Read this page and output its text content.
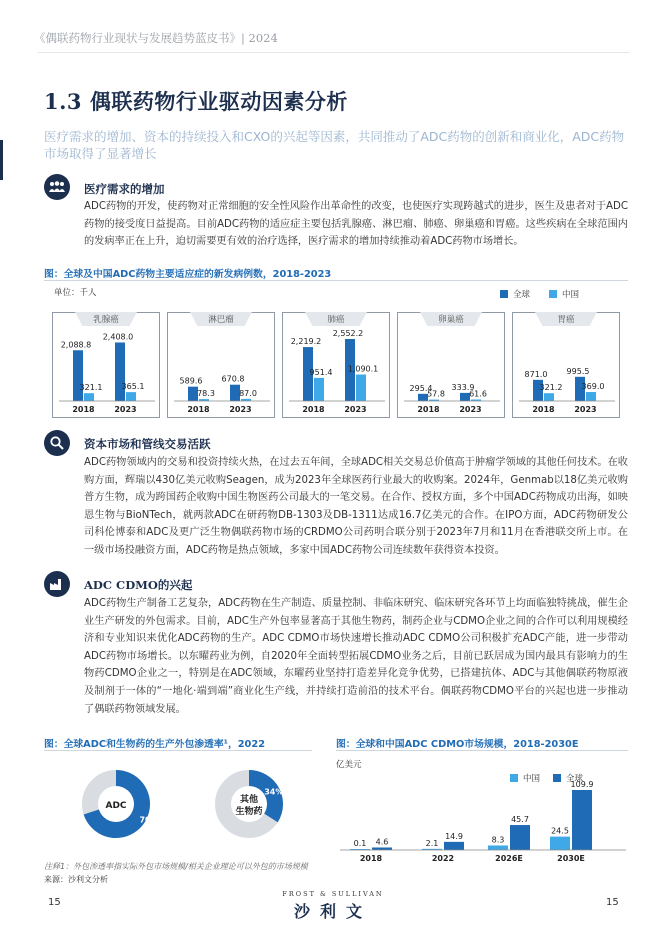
《偶联药物行业现状与发展趋势蓝皮书》| 2024
1.3 偶联药物行业驱动因素分析
医疗需求的增加、资本的持续投入和CXO的兴起等因素，共同推动了ADC药物的创新和商业化，ADC药物市场取得了显著增长
医疗需求的增加
ADC药物的开发，使药物对正常细胞的安全性风险作出革命性的改变，也使医疗实现跨越式的进步，医生及患者对于ADC药物的接受度日益提高。目前ADC药物的适应症主要包括乳腺癌、淋巴瘤、肺癌、卵巢癌和胃癌。这些疾病在全球范围内的发病率正在上升，迫切需要更有效的治疗选择，医疗需求的增加持续推动着ADC药物市场增长。
图：全球及中国ADC药物主要适应症的新发病例数，2018-2023
单位：千人	全球	中国
乳腺癌
2,088.8
321.1
2018
2,408.0
365.1
2023
淋巴瘤
589.6
78.3
2018
670.8
87.0
2023
肺癌
2,219.2
951.4
2018
2,552.2
1,090.1
2023
卵巢癌
295.4
57.8
2018
333.9
61.6
2023
胃癌
871.0
321.2
2018
995.5
369.0
2023
资本市场和管线交易活跃
ADC药物领域内的交易和投资持续火热，在过去五年间，全球ADC相关交易总价值高于肿瘤学领域的其他任何技术。在收购方面，辉瑞以430亿美元收购Seagen，成为2023年全球医药行业最大的收购案。2024年，Genmab以18亿美元收购普方生物，成为跨国药企收购中国生物医药公司最大的一笔交易。在合作、授权方面，多个中国ADC药物成功出海，如映恩生物与BioNTech，就两款ADC在研药物DB-1303及DB-1311达成16.7亿美元的合作。在IPO方面，ADC药物研发公司科伦博泰和ADC及更广泛生物偶联药物市场的CRDMO公司药明合联分别于2023年7月和11月在香港联交所上市。在一级市场投融资方面，ADC药物是热点领域，多家中国ADC药物公司连续数年获得资本投资。
ADC CDMO的兴起
ADC药物生产制备工艺复杂，ADC药物在生产制造、质量控制、非临床研究、临床研究各环节上均面临独特挑战，催生企业生产研发的外包需求。目前，ADC生产外包率显著高于其他生物药，制药企业与CDMO企业之间的合作可以利用规模经济和专业知识来优化ADC药物的生产。ADC CDMO市场快速增长推动ADC CDMO公司积极扩充ADC产能，进一步带动ADC药物市场增长。以东曜药业为例，自2020年全面转型拓展CDMO业务之后，目前已跃居成为国内最具有影响力的生物药CDMO企业之一，特别是在ADC领域，东曜药业坚持打造差异化竞争优势，已搭建抗体、ADC与其他偶联药物原液及制剂于一体的“一地化·端到端”商业化生产线，并持续打造前沿的技术平台。偶联药物CDMO平台的兴起也进一步推动了偶联药物领域发展。
图：全球ADC和生物药的生产外包渗透率¹，2022
70%
ADC
34%
其他
生物药
图：全球和中国ADC CDMO市场规模，2018-2030E
亿美元
中国	全球
0.1 4.6
2018
2.1
14.9
2022
8.3
45.7
2026E
24.5
109.9
2030E
注释1：外包渗透率指实际外包市场规模/相关企业理论可以外包的市场规模
来源：沙利文分析
15
FROST & SULLIVAN
沙利文	15
